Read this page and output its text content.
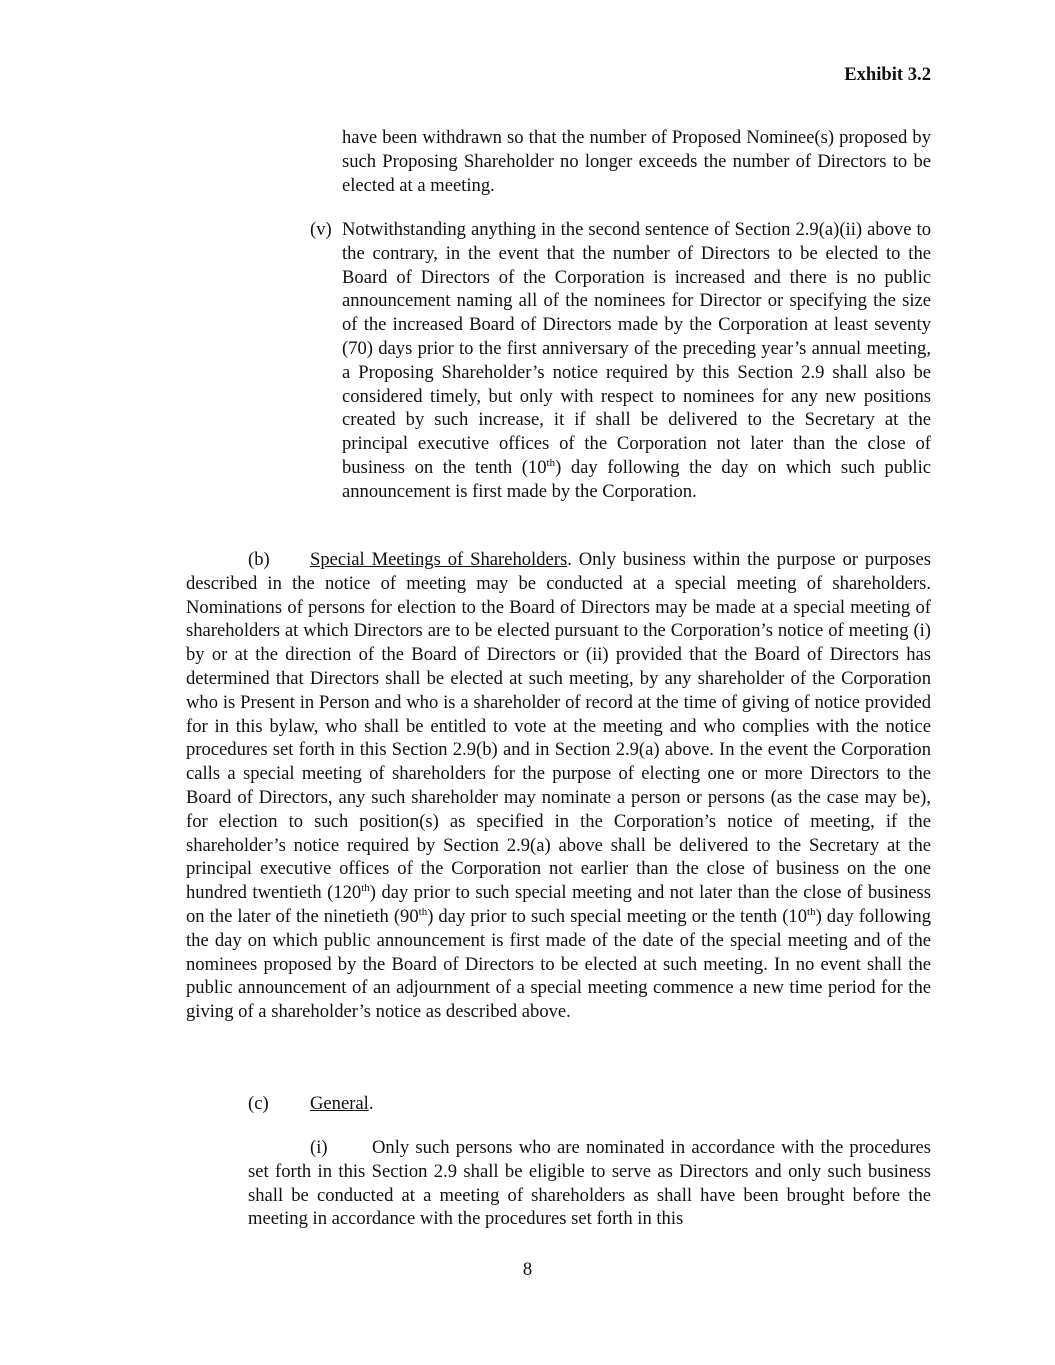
Exhibit 3.2

have been withdrawn so that the number of Proposed Nominee(s) proposed by such Proposing Shareholder no longer exceeds the number of Directors to be elected at a meeting.

(v) Notwithstanding anything in the second sentence of Section 2.9(a)(ii) above to the contrary, in the event that the number of Directors to be elected to the Board of Directors of the Corporation is increased and there is no public announcement naming all of the nominees for Director or specifying the size of the increased Board of Directors made by the Corporation at least seventy (70) days prior to the first anniversary of the preceding year’s annual meeting, a Proposing Shareholder’s notice required by this Section 2.9 shall also be considered timely, but only with respect to nominees for any new positions created by such increase, it if shall be delivered to the Secretary at the principal executive offices of the Corporation not later than the close of business on the tenth (10th) day following the day on which such public announcement is first made by the Corporation.

(b) Special Meetings of Shareholders. Only business within the purpose or purposes described in the notice of meeting may be conducted at a special meeting of shareholders. Nominations of persons for election to the Board of Directors may be made at a special meeting of shareholders at which Directors are to be elected pursuant to the Corporation’s notice of meeting (i) by or at the direction of the Board of Directors or (ii) provided that the Board of Directors has determined that Directors shall be elected at such meeting, by any shareholder of the Corporation who is Present in Person and who is a shareholder of record at the time of giving of notice provided for in this bylaw, who shall be entitled to vote at the meeting and who complies with the notice procedures set forth in this Section 2.9(b) and in Section 2.9(a) above. In the event the Corporation calls a special meeting of shareholders for the purpose of electing one or more Directors to the Board of Directors, any such shareholder may nominate a person or persons (as the case may be), for election to such position(s) as specified in the Corporation’s notice of meeting, if the shareholder’s notice required by Section 2.9(a) above shall be delivered to the Secretary at the principal executive offices of the Corporation not earlier than the close of business on the one hundred twentieth (120th) day prior to such special meeting and not later than the close of business on the later of the ninetieth (90th) day prior to such special meeting or the tenth (10th) day following the day on which public announcement is first made of the date of the special meeting and of the nominees proposed by the Board of Directors to be elected at such meeting. In no event shall the public announcement of an adjournment of a special meeting commence a new time period for the giving of a shareholder’s notice as described above.

(c) General.

(i) Only such persons who are nominated in accordance with the procedures set forth in this Section 2.9 shall be eligible to serve as Directors and only such business shall be conducted at a meeting of shareholders as shall have been brought before the meeting in accordance with the procedures set forth in this

8
